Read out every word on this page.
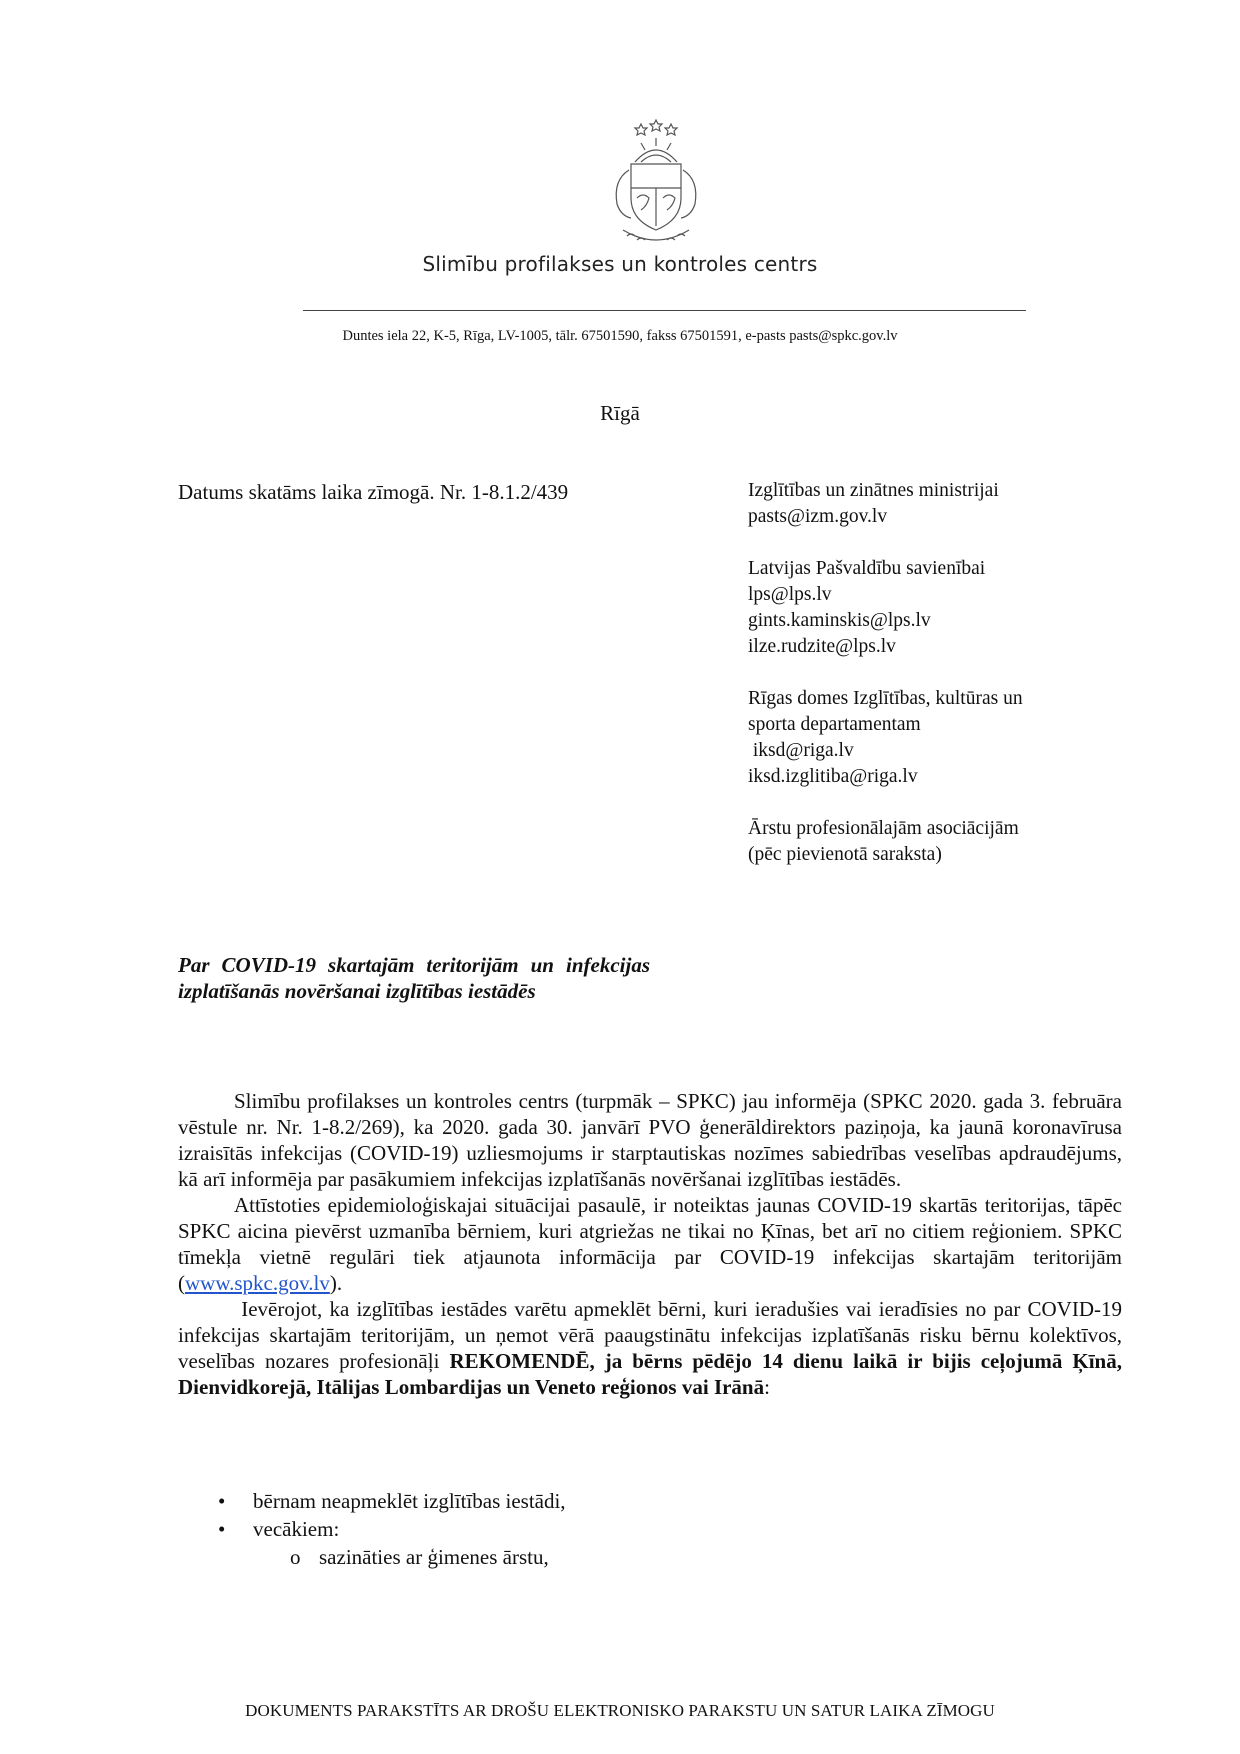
Slimību profilakses un kontroles centrs
Duntes iela 22, K-5, Rīga, LV-1005, tālr. 67501590, fakss 67501591, e-pasts pasts@spkc.gov.lv
Rīgā
Datums skatāms laika zīmogā. Nr. 1-8.1.2/439	Izglītības un zinātnes ministrijai
pasts@izm.gov.lv
Latvijas Pašvaldību savienībai
lps@lps.lv
gints.kaminskis@lps.lv
ilze.rudzite@lps.lv
Rīgas domes Izglītības, kultūras un
sporta departamentam
iksd@riga.lv
iksd.izglitiba@riga.lv
Ārstu profesionālajām asociācijām
(pēc pievienotā saraksta)
Par COVID-19 skartajām teritorijām un infekcijas izplatīšanās novēršanai izglītības iestādēs

Slimību profilakses un kontroles centrs (turpmāk – SPKC) jau informēja (SPKC 2020. gada 3. februāra vēstule nr. Nr. 1-8.2/269), ka 2020. gada 30. janvārī PVO ģenerāldirektors paziņoja, ka jaunā koronavīrusa izraisītās infekcijas (COVID-19) uzliesmojums ir starptautiskas nozīmes sabiedrības veselības apdraudējums, kā arī informēja par pasākumiem infekcijas izplatīšanās novēršanai izglītības iestādēs.

Attīstoties epidemioloģiskajai situācijai pasaulē, ir noteiktas jaunas COVID-19 skartās teritorijas, tāpēc SPKC aicina pievērst uzmanība bērniem, kuri atgriežas ne tikai no Ķīnas, bet arī no citiem reģioniem. SPKC tīmekļa vietnē regulāri tiek atjaunota informācija par COVID-19 infekcijas skartajām teritorijām (www.spkc.gov.lv).

Ievērojot, ka izglītības iestādes varētu apmeklēt bērni, kuri ieradušies vai ieradīsies no par COVID-19 infekcijas skartajām teritorijām, un ņemot vērā paaugstinātu infekcijas izplatīšanās risku bērnu kolektīvos, veselības nozares profesionāļi REKOMENDĒ, ja bērns pēdējo 14 dienu laikā ir bijis ceļojumā Ķīnā, Dienvidkorejā, Itālijas Lombardijas un Veneto reģionos vai Irānā:

• bērnam neapmeklēt izglītības iestādi,
• vecākiem:
o sazināties ar ģimenes ārstu,
DOKUMENTS PARAKSTĪTS AR DROŠU ELEKTRONISKO PARAKSTU UN SATUR LAIKA ZĪMOGU
